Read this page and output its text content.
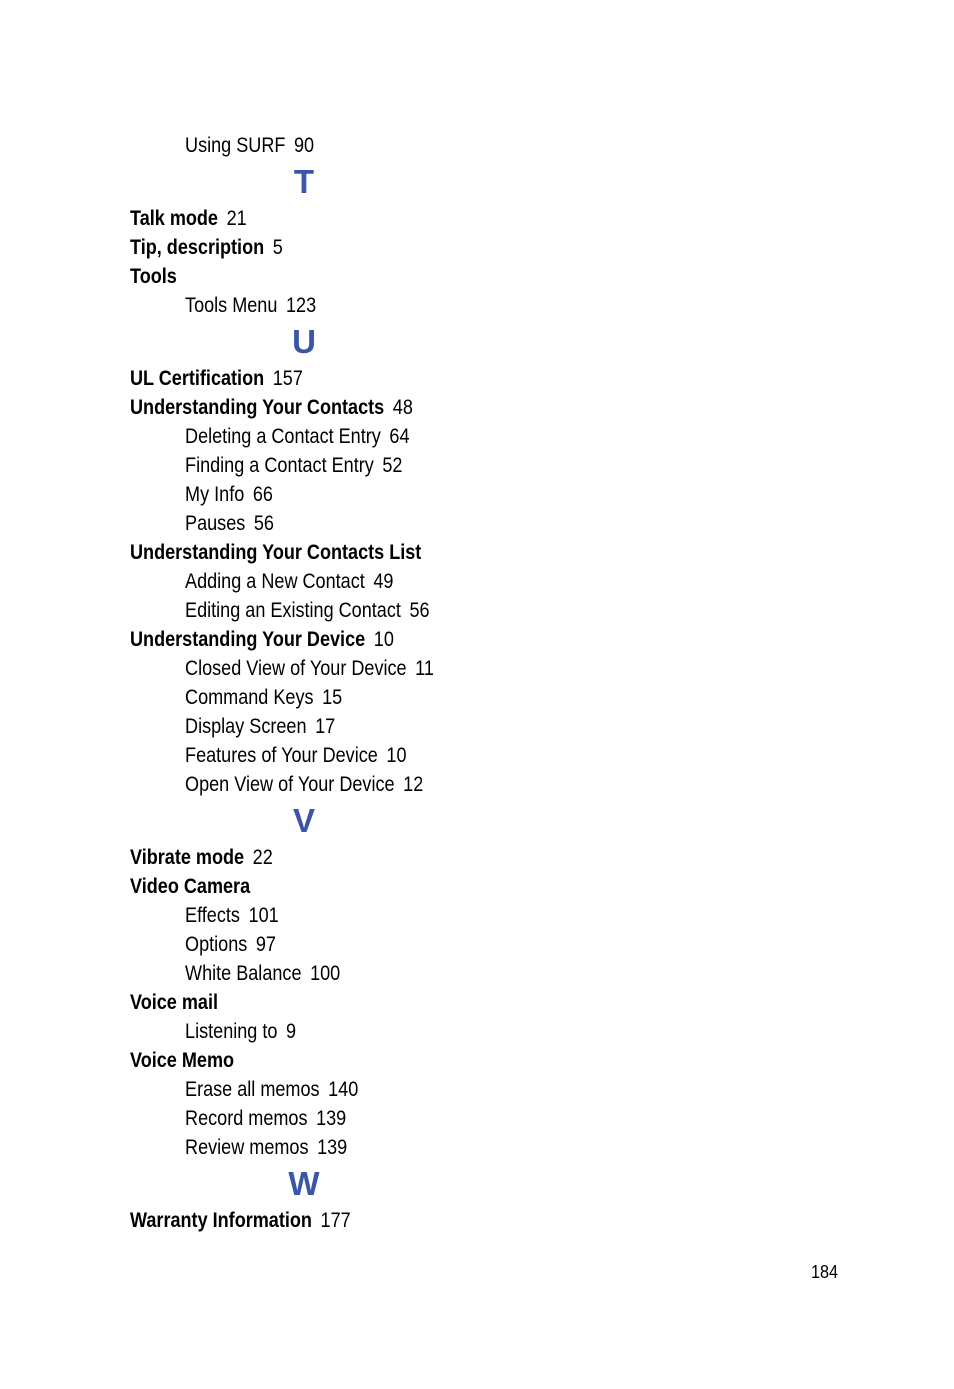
Using SURF 90
T
Talk mode 21
Tip, description 5
Tools
Tools Menu 123
U
UL Certification 157
Understanding Your Contacts 48
Deleting a Contact Entry 64
Finding a Contact Entry 52
My Info 66
Pauses 56
Understanding Your Contacts List
Adding a New Contact 49
Editing an Existing Contact 56
Understanding Your Device 10
Closed View of Your Device 11
Command Keys 15
Display Screen 17
Features of Your Device 10
Open View of Your Device 12
V
Vibrate mode 22
Video Camera
Effects 101
Options 97
White Balance 100
Voice mail
Listening to 9
Voice Memo
Erase all memos 140
Record memos 139
Review memos 139
W
Warranty Information 177
184
